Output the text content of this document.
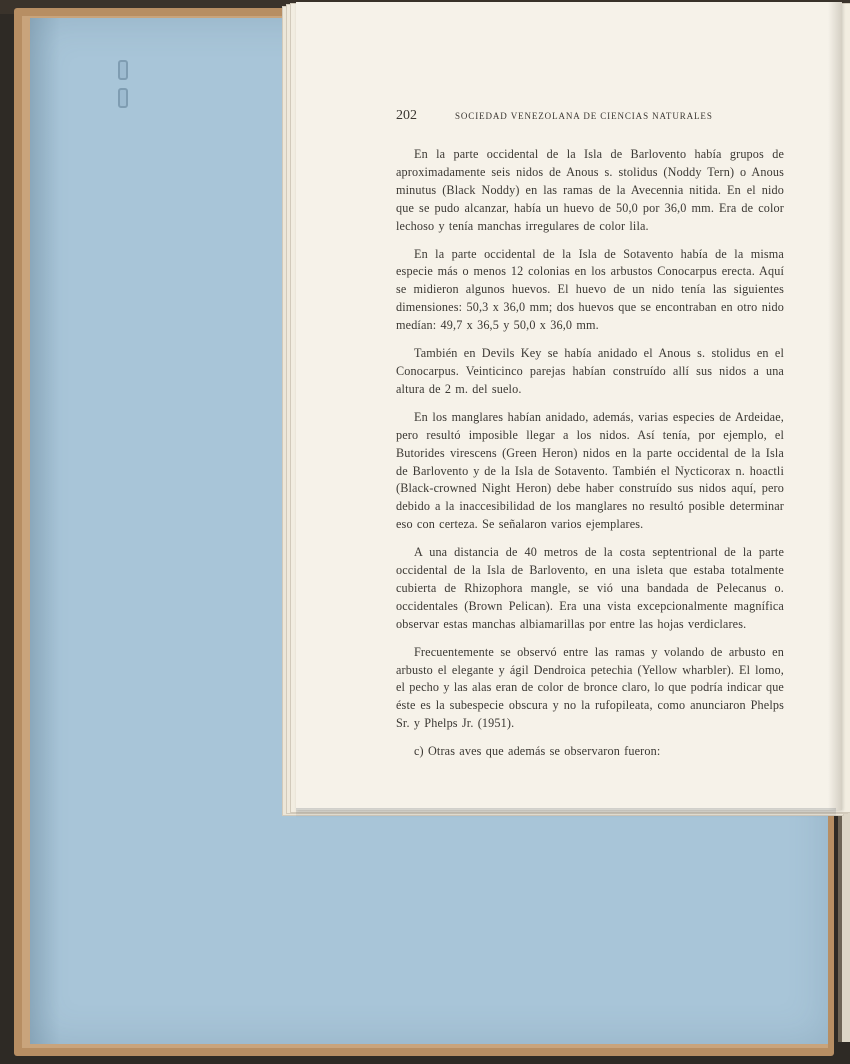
202	SOCIEDAD VENEZOLANA DE CIENCIAS NATURALES

En la parte occidental de la Isla de Barlovento había grupos de aproximadamente seis nidos de Anous s. stolidus (Noddy Tern) o Anous minutus (Black Noddy) en las ramas de la Avecennia nitida. En el nido que se pudo alcanzar, había un huevo de 50,0 por 36,0 mm. Era de color lechoso y tenía manchas irregulares de color lila.

En la parte occidental de la Isla de Sotavento había de la misma especie más o menos 12 colonias en los arbustos Conocarpus erecta. Aquí se midieron algunos huevos. El huevo de un nido tenía las siguientes dimensiones: 50,3 x 36,0 mm; dos huevos que se encontraban en otro nido medían: 49,7 x 36,5 y 50,0 x 36,0 mm.

También en Devils Key se había anidado el Anous s. stolidus en el Conocarpus. Veinticinco parejas habían construído allí sus nidos a una altura de 2 m. del suelo.

En los manglares habían anidado, además, varias especies de Ardeidae, pero resultó imposible llegar a los nidos. Así tenía, por ejemplo, el Butorides virescens (Green Heron) nidos en la parte occidental de la Isla de Barlovento y de la Isla de Sotavento. También el Nycticorax n. hoactli (Black-crowned Night Heron) debe haber construído sus nidos aquí, pero debido a la inaccesibilidad de los manglares no resultó posible determinar eso con certeza. Se señalaron varios ejemplares.

A una distancia de 40 metros de la costa septentrional de la parte occidental de la Isla de Barlovento, en una isleta que estaba totalmente cubierta de Rhizophora mangle, se vió una bandada de Pelecanus o. occidentales (Brown Pelican). Era una vista excepcionalmente magnífica observar estas manchas albiamarillas por entre las hojas verdiclares.

Frecuentemente se observó entre las ramas y volando de arbusto en arbusto el elegante y ágil Dendroica petechia (Yellow wharbler). El lomo, el pecho y las alas eran de color de bronce claro, lo que podría indicar que éste es la subespecie obscura y no la rufopileata, como anunciaron Phelps Sr. y Phelps Jr. (1951).

c) Otras aves que además se observaron fueron:
